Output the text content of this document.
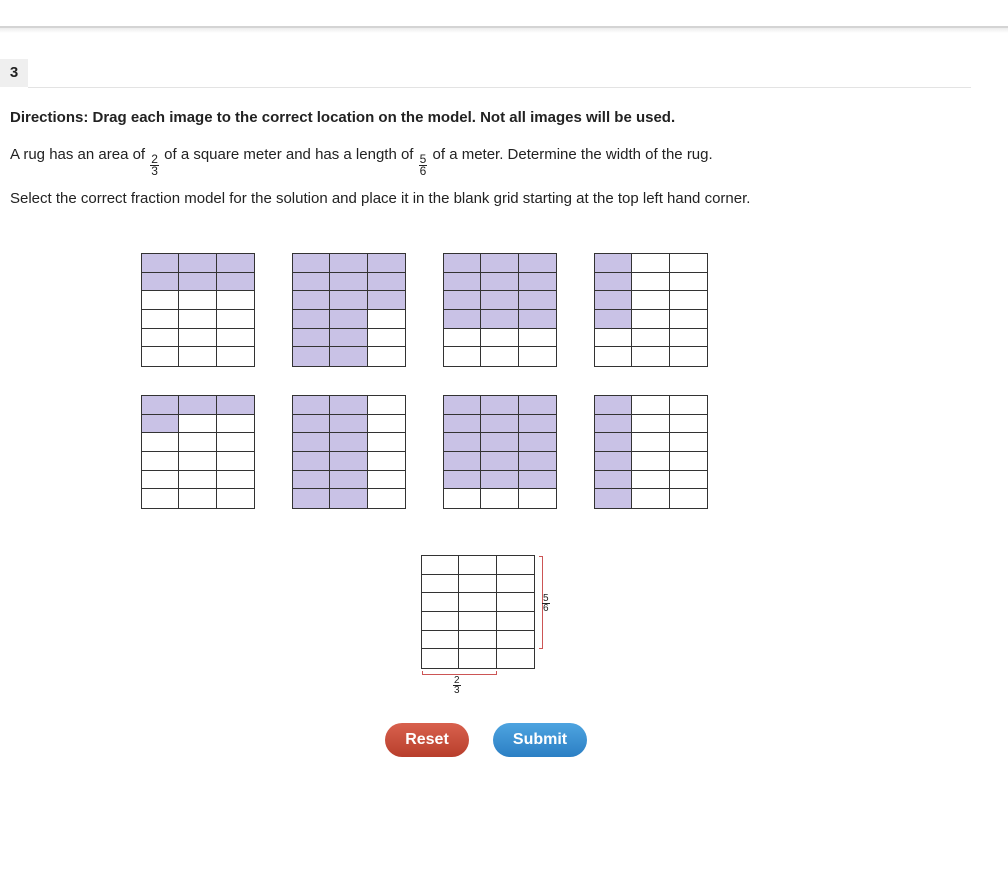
3
Directions: Drag each image to the correct location on the model. Not all images will be used.
A rug has an area of $\frac{2}{3}$ of a square meter and has a length of $\frac{5}{6}$ of a meter. Determine the width of the rug.
Select the correct fraction model for the solution and place it in the blank grid starting at the top left hand corner.
$\frac{5}{6}$
$\frac{2}{3}$
Reset	Submit
